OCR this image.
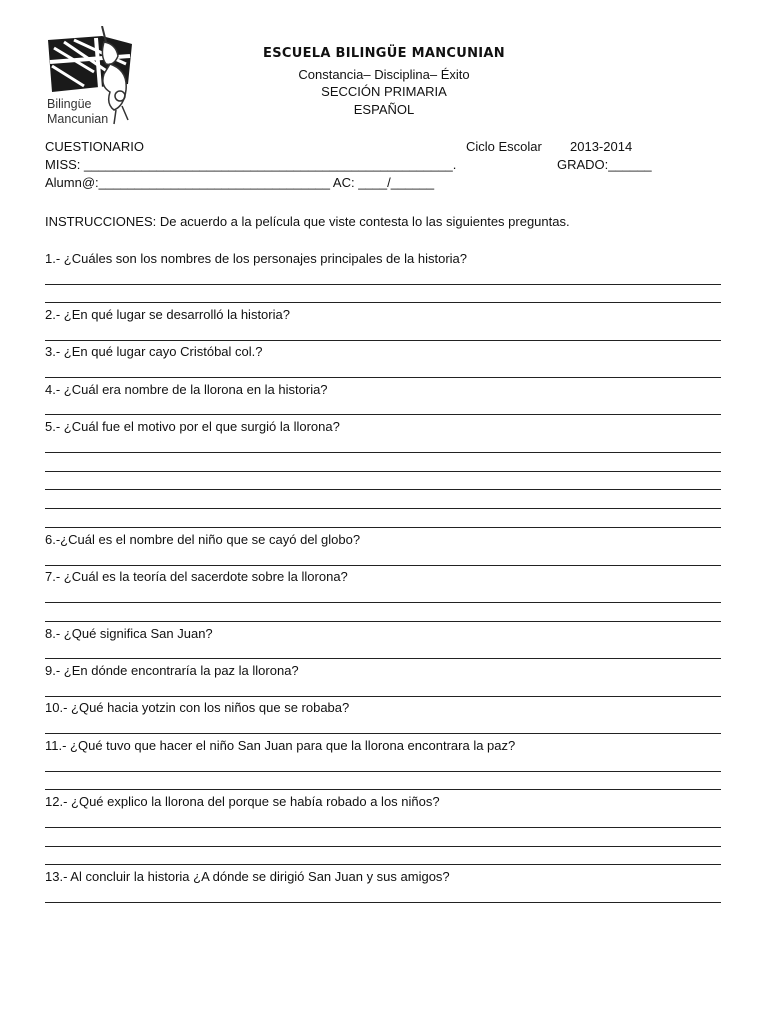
Bilingüe
Mancunian
ESCUELA BILINGÜE MANCUNIAN
Constancia– Disciplina– Éxito
SECCIÓN PRIMARIA
ESPAÑOL
CUESTIONARIO	Ciclo Escolar 2013-2014
MISS: ___________________________________________________.	GRADO:______
Alumn@:________________________________ AC: ____/______
INSTRUCCIONES: De acuerdo a la película que viste contesta lo las siguientes preguntas.
1.- ¿Cuáles son los nombres de los personajes principales de la historia?
2.- ¿En qué lugar se desarrolló la historia?
3.- ¿En qué lugar cayo Cristóbal col.?
4.- ¿Cuál era nombre de la llorona en la historia?
5.- ¿Cuál fue el motivo por el que surgió la llorona?
6.-¿Cuál es el nombre del niño que se cayó del globo?
7.- ¿Cuál es la teoría del sacerdote sobre la llorona?
8.- ¿Qué significa San Juan?
9.- ¿En dónde encontraría la paz la llorona?
10.- ¿Qué hacia yotzin con los niños que se robaba?
11.- ¿Qué tuvo que hacer el niño San Juan para que la llorona encontrara la paz?
12.- ¿Qué explico la llorona del porque se había robado a los niños?
13.- Al concluir la historia ¿A dónde se dirigió San Juan y sus amigos?
